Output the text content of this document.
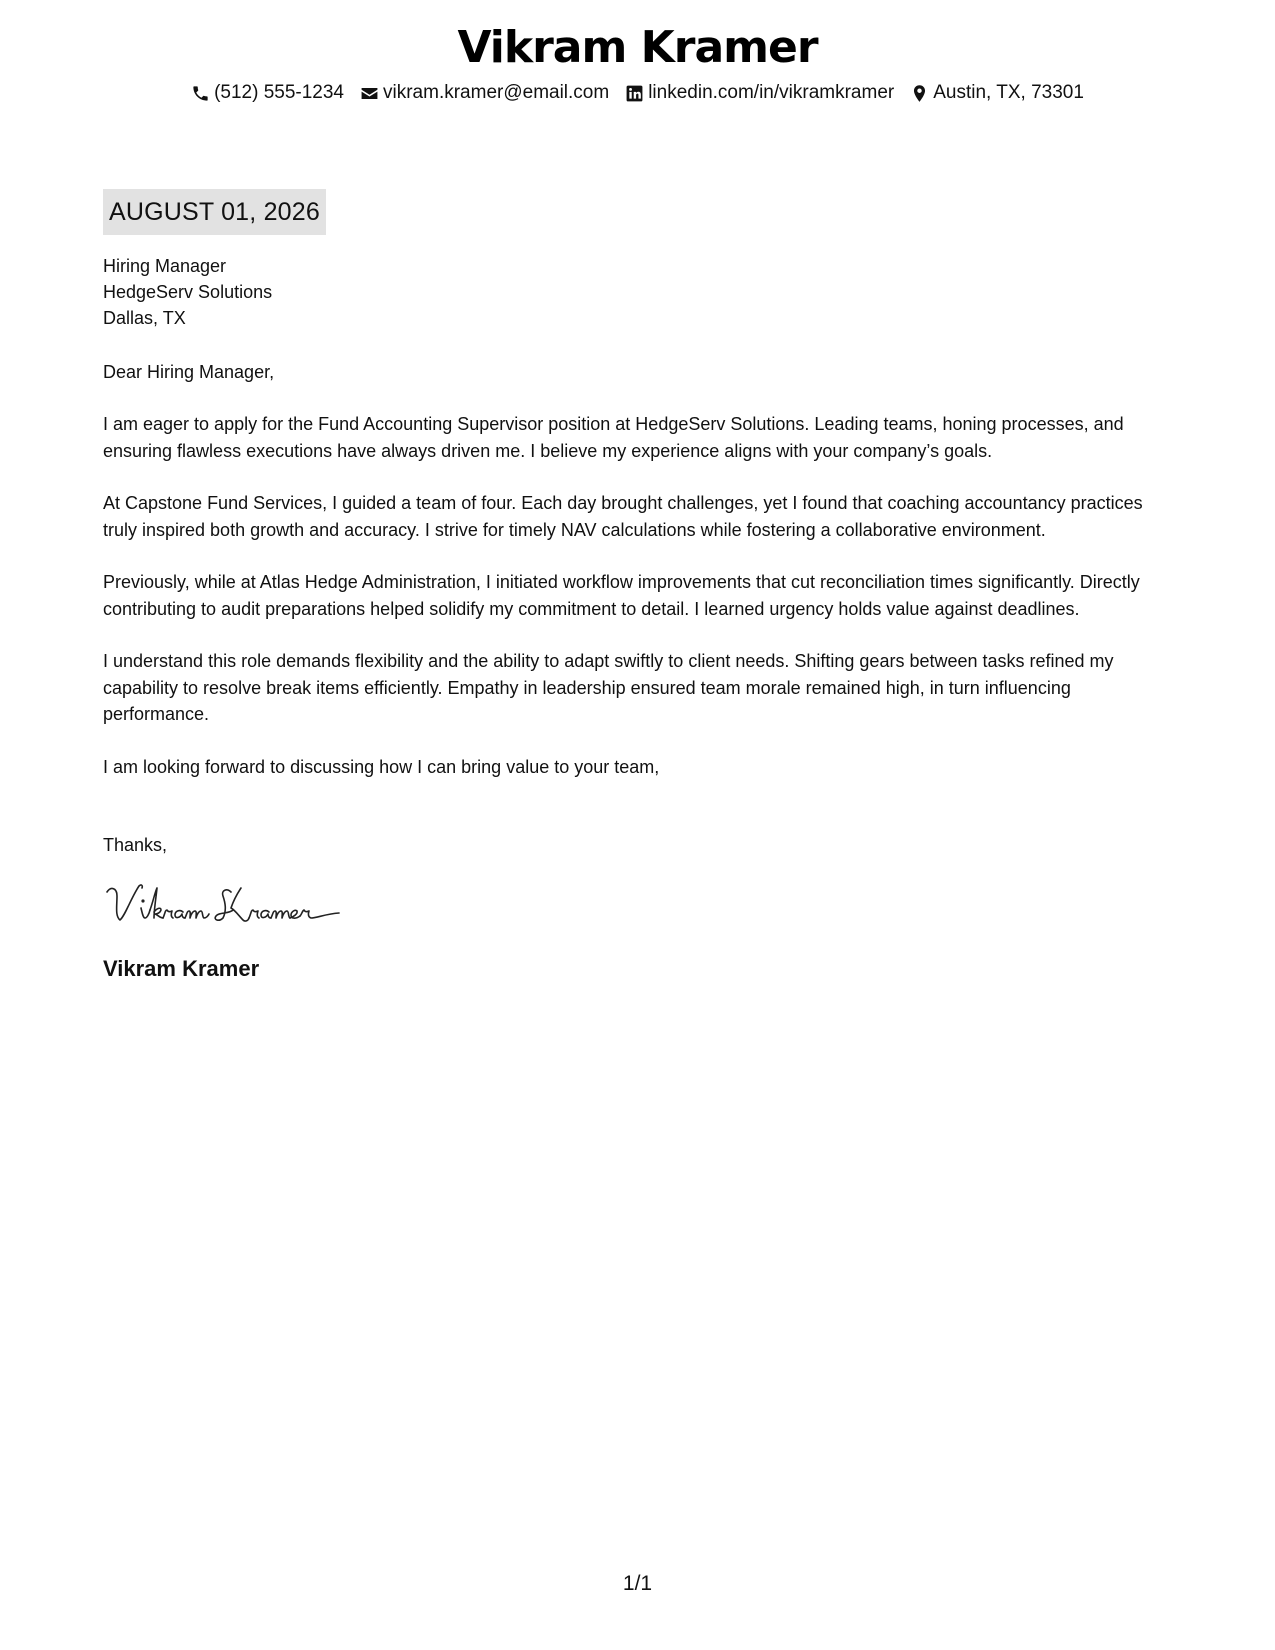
Vikram Kramer
(512) 555-1234 vikram.kramer@email.com linkedin.com/in/vikramkramer Austin, TX, 73301
AUGUST 01, 2026
Hiring Manager
HedgeServ Solutions
Dallas, TX
Dear Hiring Manager,
I am eager to apply for the Fund Accounting Supervisor position at HedgeServ Solutions. Leading teams, honing processes, and ensuring flawless executions have always driven me. I believe my experience aligns with your company’s goals.
At Capstone Fund Services, I guided a team of four. Each day brought challenges, yet I found that coaching accountancy practices truly inspired both growth and accuracy. I strive for timely NAV calculations while fostering a collaborative environment.
Previously, while at Atlas Hedge Administration, I initiated workflow improvements that cut reconciliation times significantly. Directly contributing to audit preparations helped solidify my commitment to detail. I learned urgency holds value against deadlines.
I understand this role demands flexibility and the ability to adapt swiftly to client needs. Shifting gears between tasks refined my capability to resolve break items efficiently. Empathy in leadership ensured team morale remained high, in turn influencing performance.
I am looking forward to discussing how I can bring value to your team,
Thanks,
Vikram Kramer
1/1
